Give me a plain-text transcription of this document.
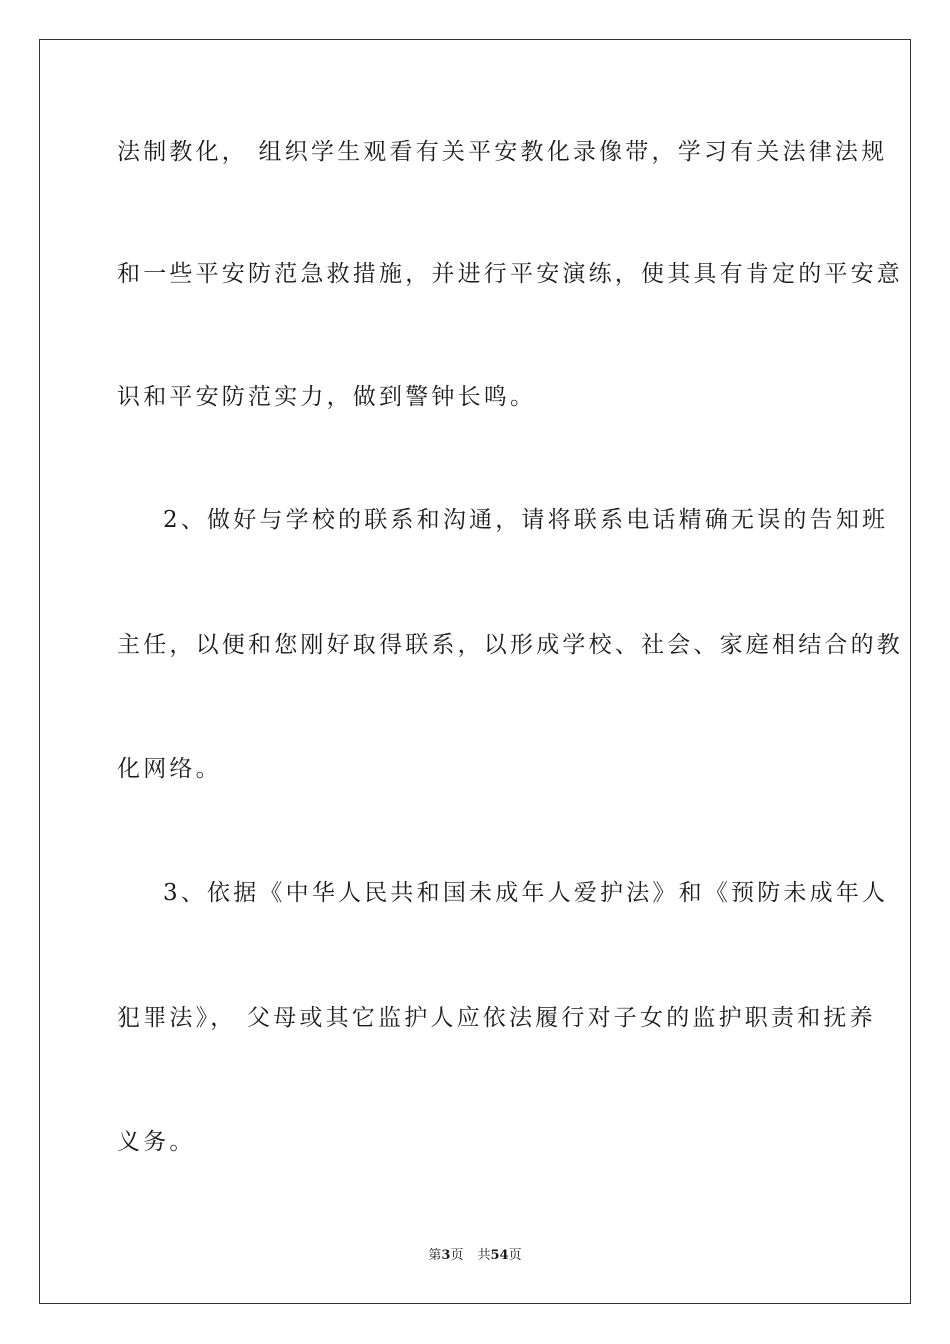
法制教化， 组织学生观看有关平安教化录像带，学习有关法律法规
和一些平安防范急救措施，并进行平安演练，使其具有肯定的平安意
识和平安防范实力，做到警钟长鸣。
2、做好与学校的联系和沟通，请将联系电话精确无误的告知班
主任，以便和您刚好取得联系，以形成学校、社会、家庭相结合的教
化网络。
3、依据《中华人民共和国未成年人爱护法》和《预防未成年人
犯罪法》， 父母或其它监护人应依法履行对子女的监护职责和抚养
义务。
第3页 共54页
